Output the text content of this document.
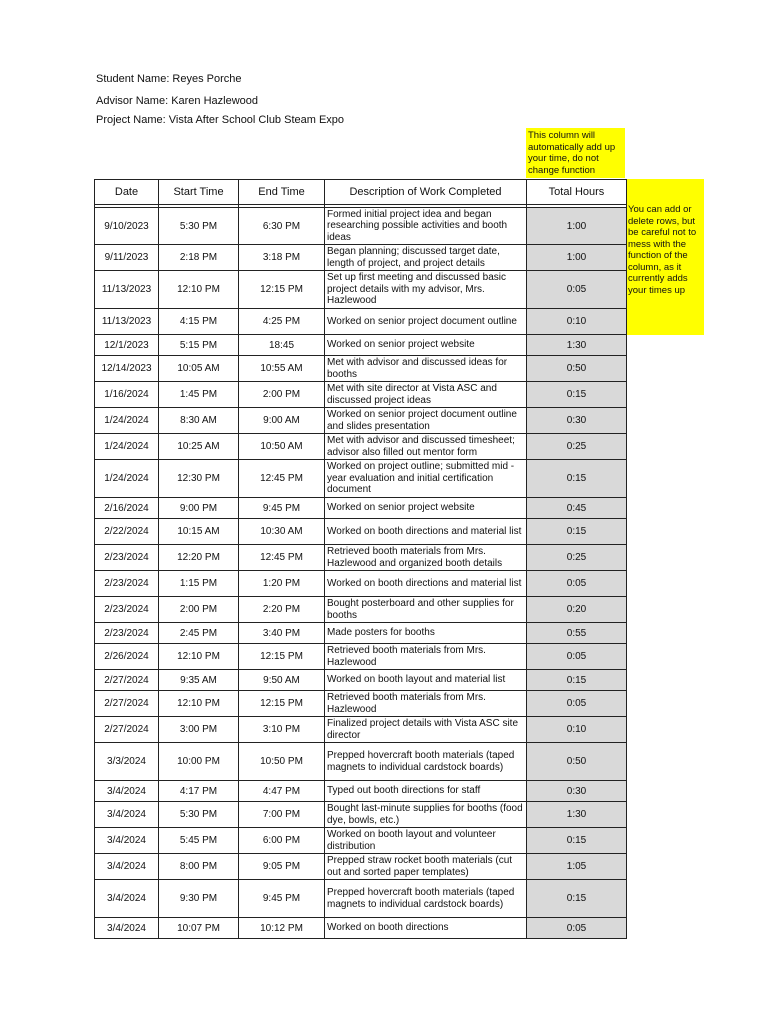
Student Name: Reyes Porche
Advisor Name: Karen Hazlewood
Project Name: Vista After School Club Steam Expo
This column will automatically add up your time, do not change function
You can add or delete rows, but be careful not to mess with the function of the column, as it currently adds your times up
Date	Start Time	End Time	Description of Work Completed	Total Hours

9/10/2023	5:30 PM	6:30 PM	Formed initial project idea and began researching possible activities and booth ideas	1:00
9/11/2023	2:18 PM	3:18 PM	Began planning; discussed target date, length of project, and project details	1:00
11/13/2023	12:10 PM	12:15 PM	Set up first meeting and discussed basic project details with my advisor, Mrs. Hazlewood	0:05
11/13/2023	4:15 PM	4:25 PM	Worked on senior project document outline	0:10
12/1/2023	5:15 PM	18:45	Worked on senior project website	1:30
12/14/2023	10:05 AM	10:55 AM	Met with advisor and discussed ideas for booths	0:50
1/16/2024	1:45 PM	2:00 PM	Met with site director at Vista ASC and discussed project ideas	0:15
1/24/2024	8:30 AM	9:00 AM	Worked on senior project document outline and slides presentation	0:30
1/24/2024	10:25 AM	10:50 AM	Met with advisor and discussed timesheet; advisor also filled out mentor form	0:25
1/24/2024	12:30 PM	12:45 PM	Worked on project outline; submitted mid - year evaluation and initial certification document	0:15
2/16/2024	9:00 PM	9:45 PM	Worked on senior project website	0:45
2/22/2024	10:15 AM	10:30 AM	Worked on booth directions and material list	0:15
2/23/2024	12:20 PM	12:45 PM	Retrieved booth materials from Mrs. Hazlewood and organized booth details	0:25
2/23/2024	1:15 PM	1:20 PM	Worked on booth directions and material list	0:05
2/23/2024	2:00 PM	2:20 PM	Bought posterboard and other supplies for booths	0:20
2/23/2024	2:45 PM	3:40 PM	Made posters for booths	0:55
2/26/2024	12:10 PM	12:15 PM	Retrieved booth materials from Mrs. Hazlewood	0:05
2/27/2024	9:35 AM	9:50 AM	Worked on booth layout and material list	0:15
2/27/2024	12:10 PM	12:15 PM	Retrieved booth materials from Mrs. Hazlewood	0:05
2/27/2024	3:00 PM	3:10 PM	Finalized project details with Vista ASC site director	0:10
3/3/2024	10:00 PM	10:50 PM	Prepped hovercraft booth materials (taped magnets to individual cardstock boards)	0:50
3/4/2024	4:17 PM	4:47 PM	Typed out booth directions for staff	0:30
3/4/2024	5:30 PM	7:00 PM	Bought last-minute supplies for booths (food dye, bowls, etc.)	1:30
3/4/2024	5:45 PM	6:00 PM	Worked on booth layout and volunteer distribution	0:15
3/4/2024	8:00 PM	9:05 PM	Prepped straw rocket booth materials (cut out and sorted paper templates)	1:05
3/4/2024	9:30 PM	9:45 PM	Prepped hovercraft booth materials (taped magnets to individual cardstock boards)	0:15
3/4/2024	10:07 PM	10:12 PM	Worked on booth directions	0:05
